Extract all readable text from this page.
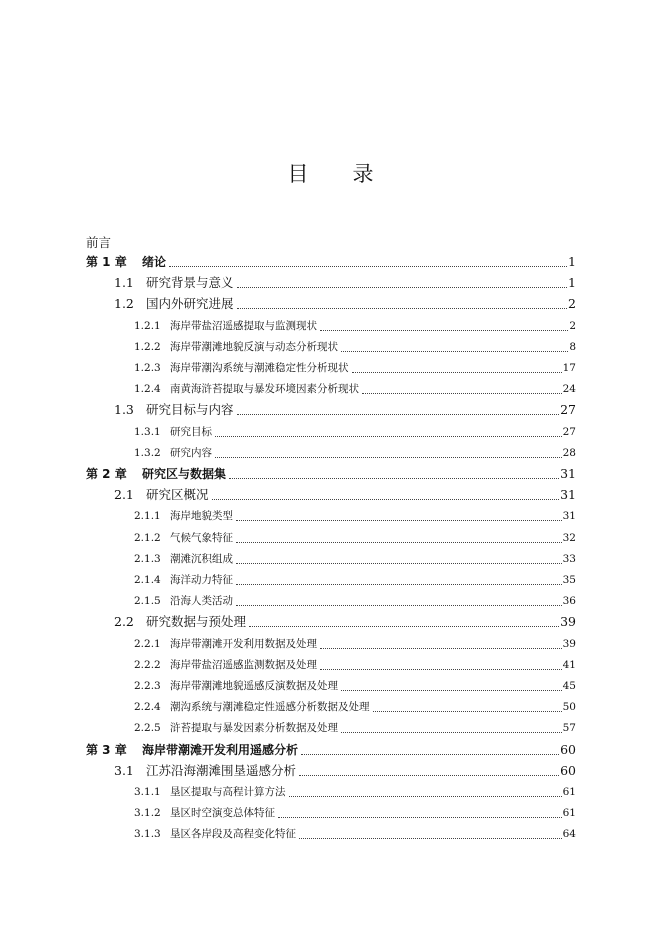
目 录
前言
第 1 章	绪论	1
1.1 研究背景与意义	1
1.2 国内外研究进展	2
1.2.1 海岸带盐沼遥感提取与监测现状	2
1.2.2 海岸带潮滩地貌反演与动态分析现状	8
1.2.3 海岸带潮沟系统与潮滩稳定性分析现状	17
1.2.4 南黄海浒苔提取与暴发环境因素分析现状	24
1.3 研究目标与内容	27
1.3.1 研究目标	27
1.3.2 研究内容	28
第 2 章	研究区与数据集	31
2.1 研究区概况	31
2.1.1 海岸地貌类型	31
2.1.2 气候气象特征	32
2.1.3 潮滩沉积组成	33
2.1.4 海洋动力特征	35
2.1.5 沿海人类活动	36
2.2 研究数据与预处理	39
2.2.1 海岸带潮滩开发利用数据及处理	39
2.2.2 海岸带盐沼遥感监测数据及处理	41
2.2.3 海岸带潮滩地貌遥感反演数据及处理	45
2.2.4 潮沟系统与潮滩稳定性遥感分析数据及处理	50
2.2.5 浒苔提取与暴发因素分析数据及处理	57
第 3 章	海岸带潮滩开发利用遥感分析	60
3.1 江苏沿海潮滩围垦遥感分析	60
3.1.1 垦区提取与高程计算方法	61
3.1.2 垦区时空演变总体特征	61
3.1.3 垦区各岸段及高程变化特征	64
